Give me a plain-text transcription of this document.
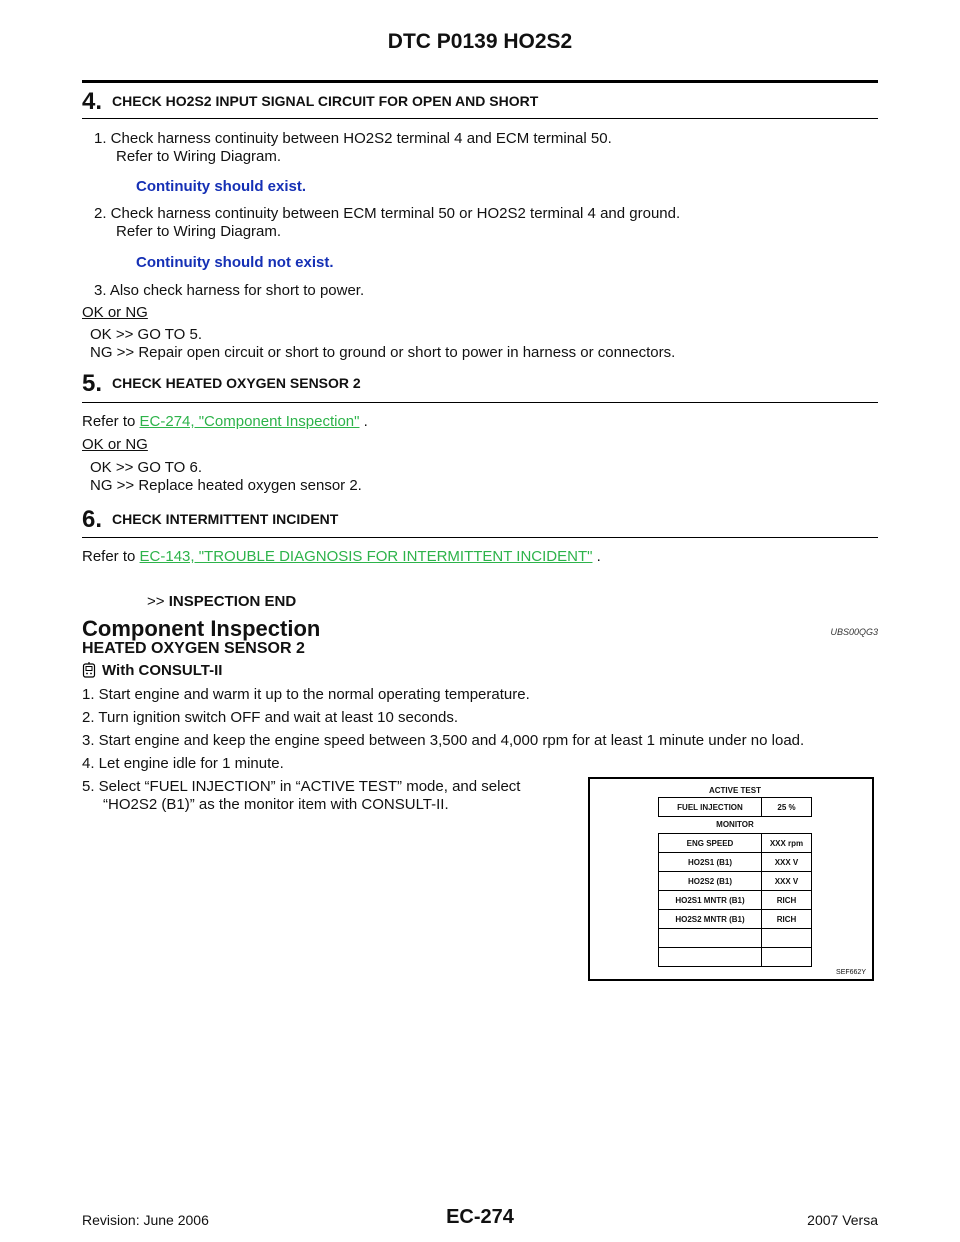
DTC P0139 HO2S2
4. CHECK HO2S2 INPUT SIGNAL CIRCUIT FOR OPEN AND SHORT
1. Check harness continuity between HO2S2 terminal 4 and ECM terminal 50.
Refer to Wiring Diagram.
Continuity should exist.
2. Check harness continuity between ECM terminal 50 or HO2S2 terminal 4 and ground.
Refer to Wiring Diagram.
Continuity should not exist.
3. Also check harness for short to power.
OK or NG
OK >> GO TO 5.
NG >> Repair open circuit or short to ground or short to power in harness or connectors.
5. CHECK HEATED OXYGEN SENSOR 2
Refer to EC-274, "Component Inspection" .
OK or NG
OK >> GO TO 6.
NG >> Replace heated oxygen sensor 2.
6. CHECK INTERMITTENT INCIDENT
Refer to EC-143, "TROUBLE DIAGNOSIS FOR INTERMITTENT INCIDENT" .
>> INSPECTION END
Component Inspection	UBS00QG3
HEATED OXYGEN SENSOR 2
With CONSULT-II
1. Start engine and warm it up to the normal operating temperature.
2. Turn ignition switch OFF and wait at least 10 seconds.
3. Start engine and keep the engine speed between 3,500 and 4,000 rpm for at least 1 minute under no load.
4. Let engine idle for 1 minute.
5. Select “FUEL INJECTION” in “ACTIVE TEST” mode, and select
“HO2S2 (B1)” as the monitor item with CONSULT-II.
ACTIVE TEST
FUEL INJECTION	25 %
MONITOR
ENG SPEED	XXX rpm
HO2S1 (B1)	XXX V
HO2S2 (B1)	XXX V
HO2S1 MNTR (B1)	RICH
HO2S2 MNTR (B1)	RICH

SEF662Y
Revision: June 2006	EC-274	2007 Versa
